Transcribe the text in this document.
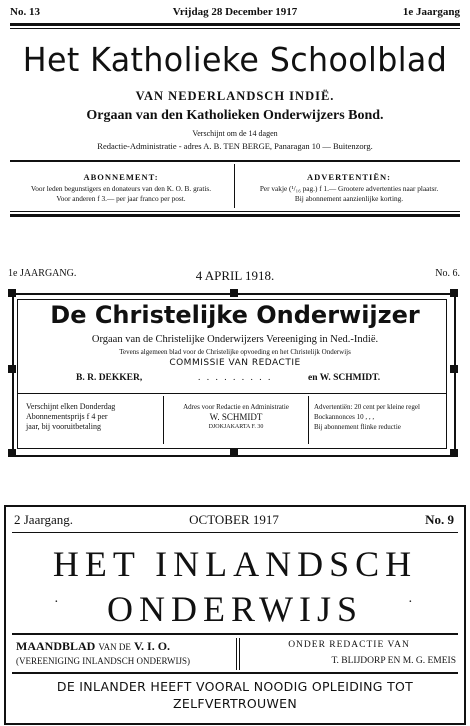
No. 13	Vrijdag 28 December 1917	1e Jaargang
Het Katholieke Schoolblad
VAN NEDERLANDSCH INDIË.
Orgaan van den Katholieken Onderwijzers Bond.
Verschijnt om de 14 dagen
Redactie-Administratie - adres A. B. TEN BERGE, Panaragan 10 — Buitenzorg.
ABONNEMENT:
Voor leden begunstigers en donateurs van den K. O. B. gratis.
Voor anderen f 3.— per jaar franco per post.
ADVERTENTIËN:
Per vakje (¹/₁₆ pag.) f 1.— Grootere advertenties naar plaatsr.
Bij abonnement aanzienlijke korting.
1e JAARGANG.	4 APRIL 1918.	No. 6.
De Christelijke Onderwijzer
Orgaan van de Christelijke Onderwijzers Vereeniging in Ned.-Indië.
Tevens algemeen blad voor de Christelijke opvoeding en het Christelijk Onderwijs
COMMISSIE VAN REDACTIE
B. R. DEKKER,	. . . . . . . . .	en W. SCHMIDT.
Verschijnt elken Donderdag
Abonnementsprijs f 4 per
jaar, bij vooruitbetaling
Adres voor Redactie en Administratie
W. SCHMIDT
DJOKJAKARTA F. 30
Advertentiën: 20 cent per kleine regel
Bockannonces 10 , , ,
Bij abonnement flinke reductie
2 Jaargang.	OCTOBER 1917	No. 9
HET INLANDSCH
·	ONDERWIJS	·
MAANDBLAD VAN DE V. I. O.
(VEREENIGING INLANDSCH ONDERWIJS)
ONDER REDACTIE VAN
T. BLIJDORP EN M. G. EMEIS
DE INLANDER HEEFT VOORAL NOODIG OPLEIDING TOT
ZELFVERTROUWEN
